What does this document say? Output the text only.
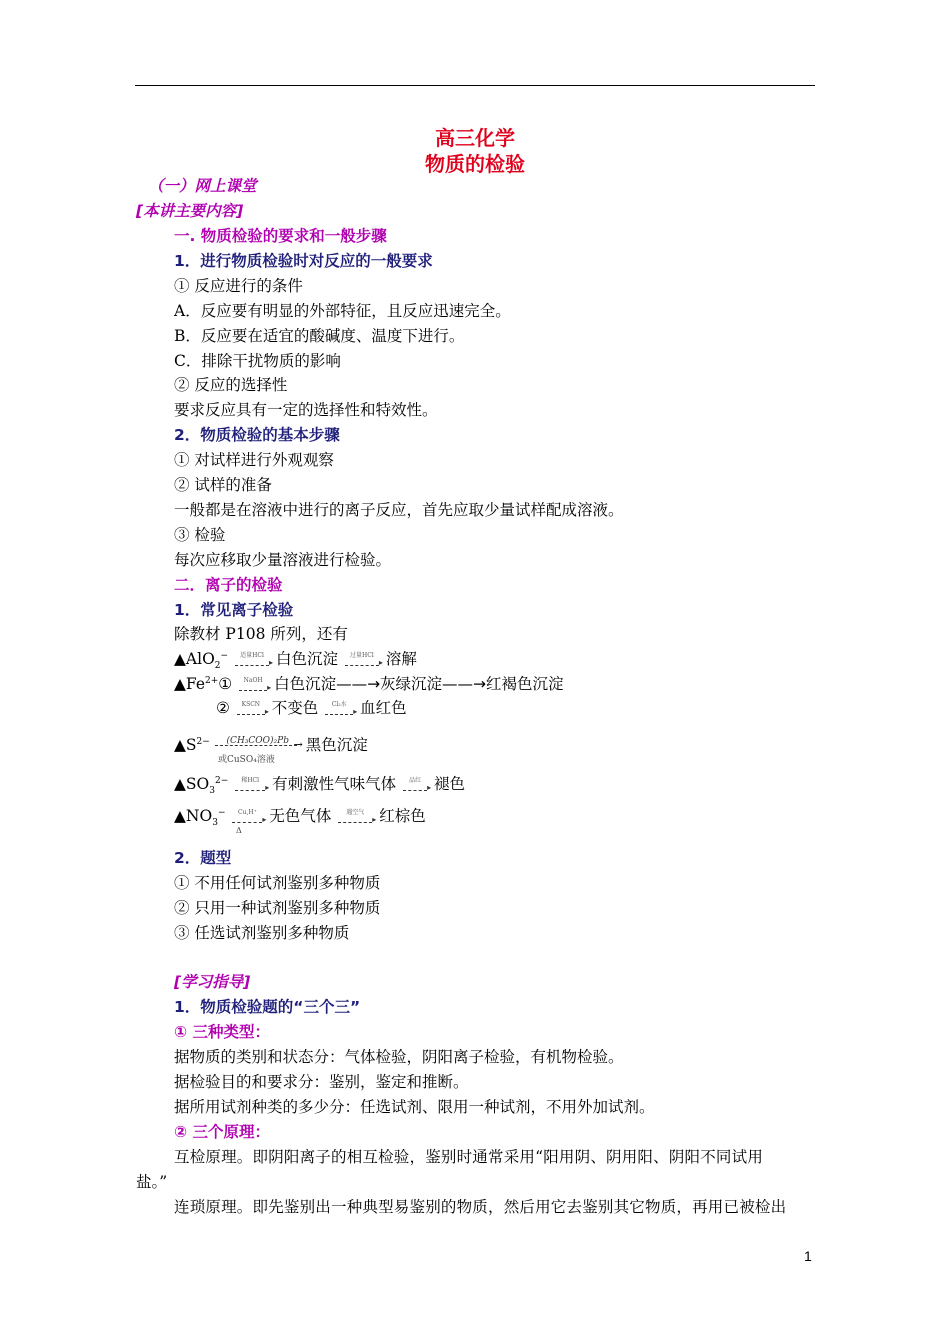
高三化学
物质的检验
（一）网上课堂
[本讲主要内容]
一. 物质检验的要求和一般步骤
1．进行物质检验时对反应的一般要求
① 反应进行的条件
A．反应要有明显的外部特征，且反应迅速完全。
B．反应要在适宜的酸碱度、温度下进行。
C．排除干扰物质的影响
② 反应的选择性
要求反应具有一定的选择性和特效性。
2．物质检验的基本步骤
① 对试样进行外观观察
② 试样的准备
一般都是在溶液中进行的离子反应，首先应取少量试样配成溶液。
③ 检验
每次应移取少量溶液进行检验。
二．离子的检验
1．常见离子检验
除教材 P108 所列，还有
▲AlO$_2$−	适量HCl
▸ 白色沉淀	过量HCl
▸ 溶解
$▲Fe^{2+}①$	NaOH
▸ 白色沉淀——→灰绿沉淀——→红褐色沉淀
②	KSCN
▸ 不变色	Cl₂水
▸ 血红色
$▲S^{2-}$	(CH₃COO)₂Pb → 黑色沉淀
或CuSO₄溶液
$▲SO_3^{2-}$	稀HCl
▸ 有刺激性气味气体	品红
▸ 褪色
$▲NO_3^-$	Cu,H⁺
▸ 无色气体	遇空气
▸ 红棕色
Δ
2．题型
① 不用任何试剂鉴别多种物质
② 只用一种试剂鉴别多种物质
③ 任选试剂鉴别多种物质
[学习指导]
1．物质检验题的“三个三”
① 三种类型：
据物质的类别和状态分：气体检验，阴阳离子检验，有机物检验。
据检验目的和要求分：鉴别，鉴定和推断。
据所用试剂种类的多少分：任选试剂、限用一种试剂，不用外加试剂。
② 三个原理：
互检原理。即阴阳离子的相互检验，鉴别时通常采用“阳用阴、阴用阳、阴阳不同试用
盐。”
连琐原理。即先鉴别出一种典型易鉴别的物质，然后用它去鉴别其它物质，再用已被检出
1
